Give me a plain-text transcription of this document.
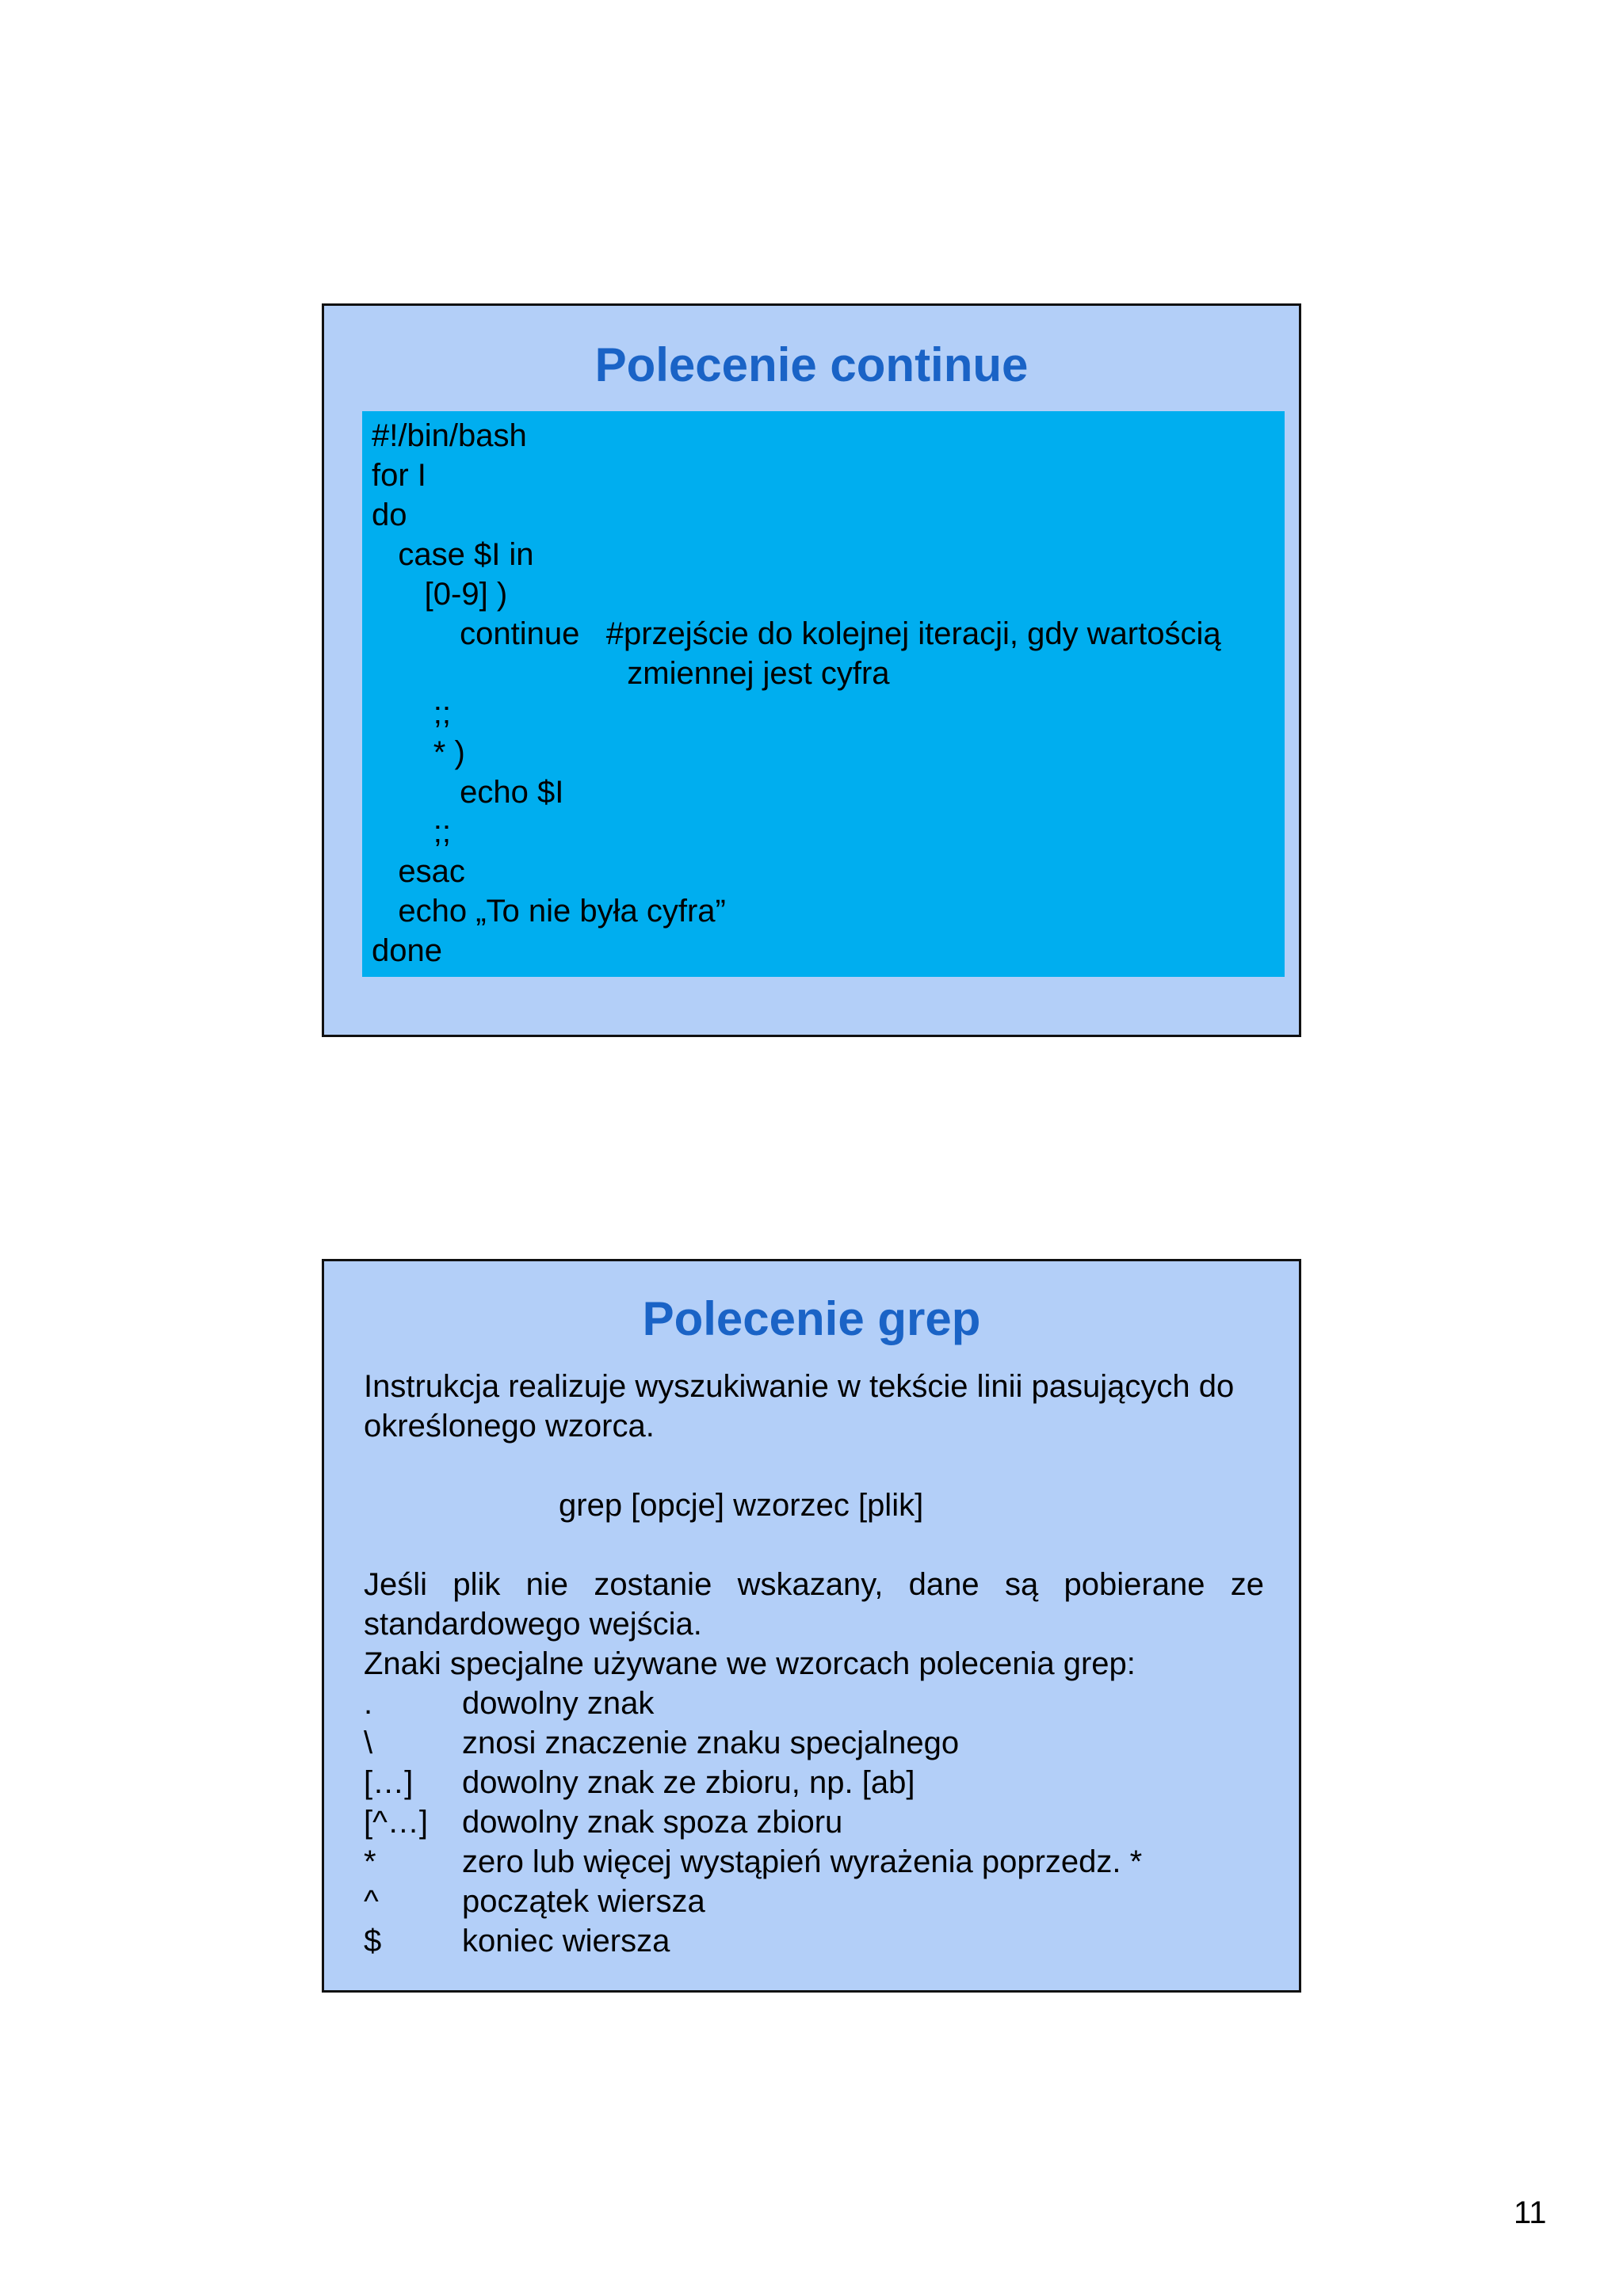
Polecenie continue
#!/bin/bash
for I
do
case $I in
[0-9] )
continue   #przejście do kolejnej iteracji, gdy wartością
zmiennej jest cyfra
;;
* )
echo $I
;;
esac
echo „To nie była cyfra”
done
Polecenie grep
Instrukcja realizuje wyszukiwanie w tekście linii pasujących do określonego wzorca.
grep [opcje] wzorzec [plik]
Jeśli plik nie zostanie wskazany, dane są pobierane ze standardowego wejścia.
Znaki specjalne używane we wzorcach polecenia grep:
.	dowolny znak
\	znosi znaczenie znaku specjalnego
[…]	dowolny znak ze zbioru, np. [ab]
[^…]	dowolny znak spoza zbioru
*	zero lub więcej wystąpień wyrażenia poprzedz. *
^	początek wiersza
$	koniec wiersza
11
